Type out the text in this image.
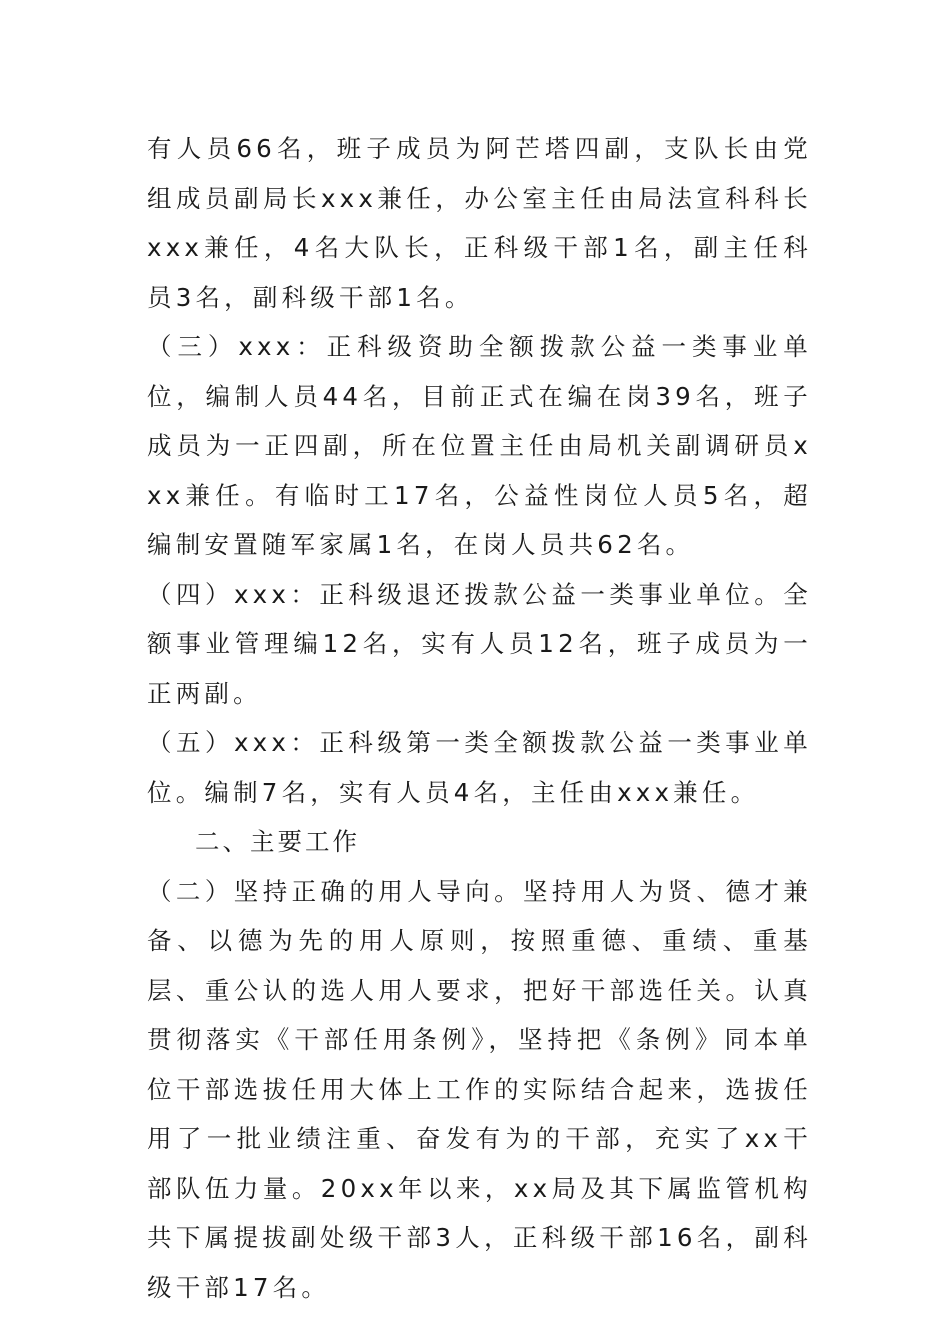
有人员66名，班子成员为阿芒塔四副，支队长由党组成员副局长xxx兼任，办公室主任由局法宣科科长xxx兼任，4名大队长，正科级干部1名，副主任科员3名，副科级干部1名。

（三）xxx：正科级资助全额拨款公益一类事业单位，编制人员44名，目前正式在编在岗39名，班子成员为一正四副，所在位置主任由局机关副调研员xxx兼任。有临时工17名，公益性岗位人员5名，超编制安置随军家属1名，在岗人员共62名。

（四）xxx：正科级退还拨款公益一类事业单位。全额事业管理编12名，实有人员12名，班子成员为一正两副。

（五）xxx：正科级第一类全额拨款公益一类事业单位。编制7名，实有人员4名，主任由xxx兼任。

二、主要工作

（二）坚持正确的用人导向。坚持用人为贤、德才兼备、以德为先的用人原则，按照重德、重绩、重基层、重公认的选人用人要求，把好干部选任关。认真贯彻落实《干部任用条例》，坚持把《条例》同本单位干部选拔任用大体上工作的实际结合起来，选拔任用了一批业绩注重、奋发有为的干部，充实了xx干部队伍力量。20xx年以来，xx局及其下属监管机构共下属提拔副处级干部3人，正科级干部16名，副科级干部17名。
